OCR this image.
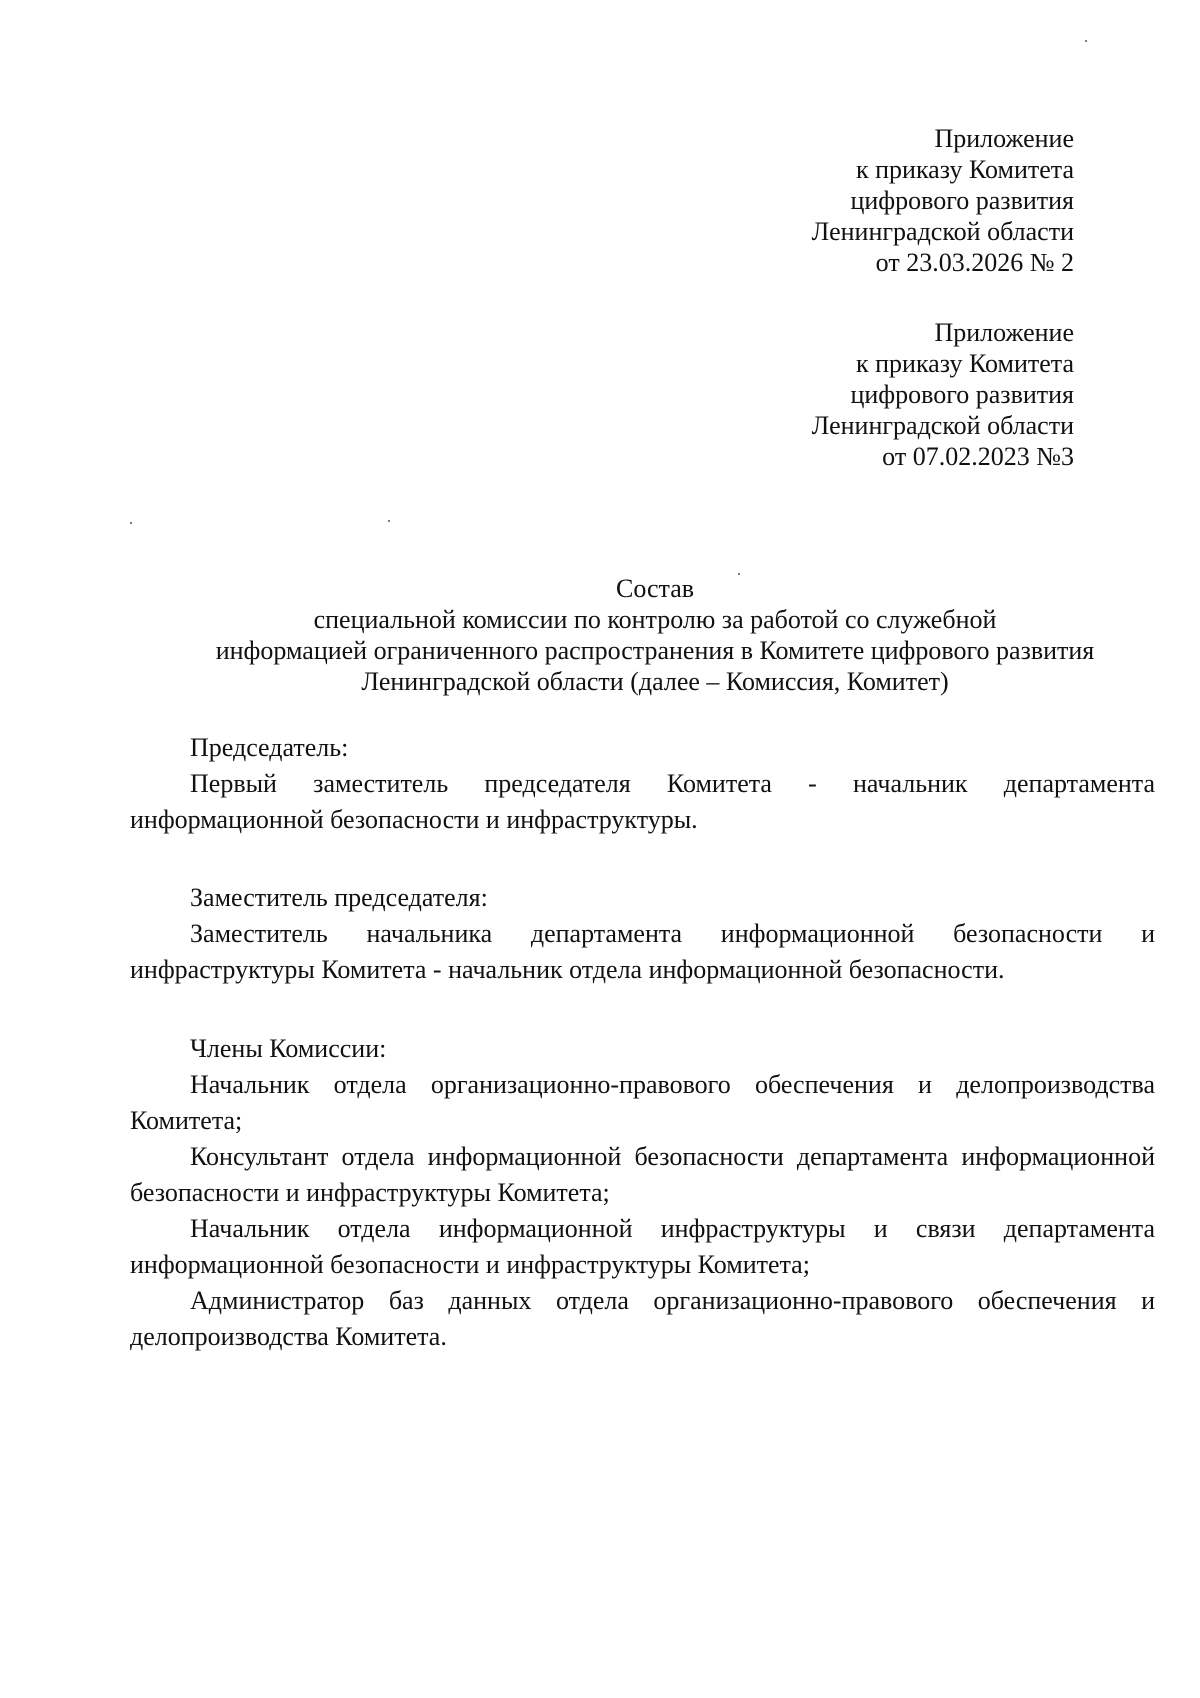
Приложение
к приказу Комитета
цифрового развития
Ленинградской области
от 23.03.2026 № 2
Приложение
к приказу Комитета
цифрового развития
Ленинградской области
от 07.02.2023 №3
Состав
специальной комиссии по контролю за работой со служебной
информацией ограниченного распространения в Комитете цифрового развития
Ленинградской области (далее – Комиссия, Комитет)

Председатель:

Первый заместитель председателя Комитета - начальник департамента информационной безопасности и инфраструктуры.

Заместитель председателя:

Заместитель начальника департамента информационной безопасности и инфраструктуры Комитета - начальник отдела информационной безопасности.

Члены Комиссии:

Начальник отдела организационно-правового обеспечения и делопроизводства Комитета;

Консультант отдела информационной безопасности департамента информационной безопасности и инфраструктуры Комитета;

Начальник отдела информационной инфраструктуры и связи департамента информационной безопасности и инфраструктуры Комитета;

Администратор баз данных отдела организационно-правового обеспечения и делопроизводства Комитета.
